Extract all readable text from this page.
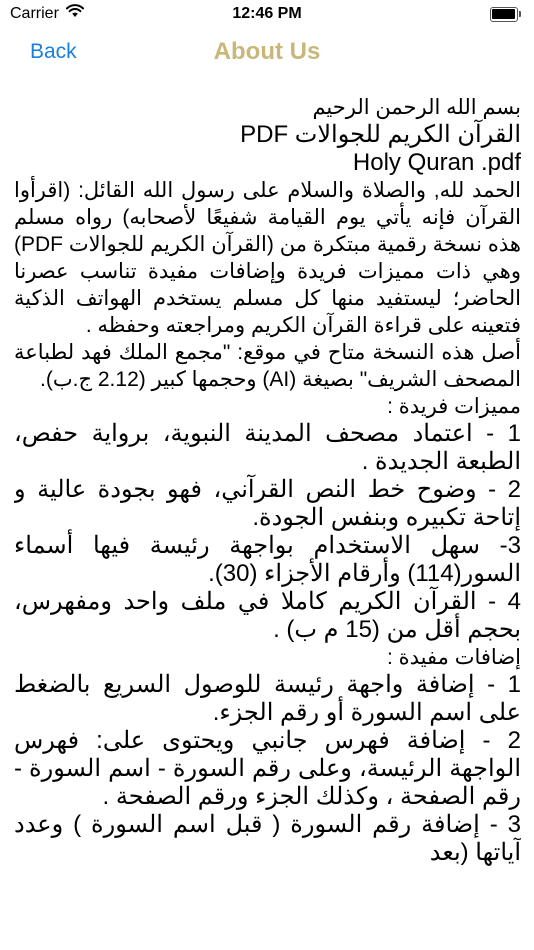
Carrier	12:46 PM
Back	About Us

بسم الله الرحمن الرحيم

القرآن الكريم للجوالات PDF

Holy Quran .pdf

الحمد لله, والصلاة والسلام على رسول الله القائل: (اقرأوا القرآن فإنه يأتي يوم القيامة شفيعًا لأصحابه) رواه مسلم هذه نسخة رقمية مبتكرة من (القرآن الكريم للجوالات PDF) وهي ذات مميزات فريدة وإضافات مفيدة تناسب عصرنا الحاضر؛ ليستفيد منها كل مسلم يستخدم الهواتف الذكية فتعينه على قراءة القرآن الكريم ومراجعته وحفظه .

أصل هذه النسخة متاح في موقع: "مجمع الملك فهد لطباعة المصحف الشريف" بصيغة (AI) وحجمها كبير (2.12 ج.ب).

مميزات فريدة :

1 - اعتماد مصحف المدينة النبوية، برواية حفص، الطبعة الجديدة .

2 - وضوح خط النص القرآني، فهو بجودة عالية و إتاحة تكبيره وبنفس الجودة.

3- سهل الاستخدام بواجهة رئيسة فيها أسماء السور(114) وأرقام الأجزاء (30).

4 - القرآن الكريم كاملا في ملف واحد ومفهرس، بحجم أقل من (15 م ب) .

إضافات مفيدة :

1 - إضافة واجهة رئيسة للوصول السريع بالضغط على اسم السورة أو رقم الجزء.

2 - إضافة فهرس جانبي ويحتوى على: فهرس الواجهة الرئيسة، وعلى رقم السورة - اسم السورة - رقم الصفحة ، وكذلك الجزء ورقم الصفحة .

3 - إضافة رقم السورة ( قبل اسم السورة ) وعدد آياتها (بعد
